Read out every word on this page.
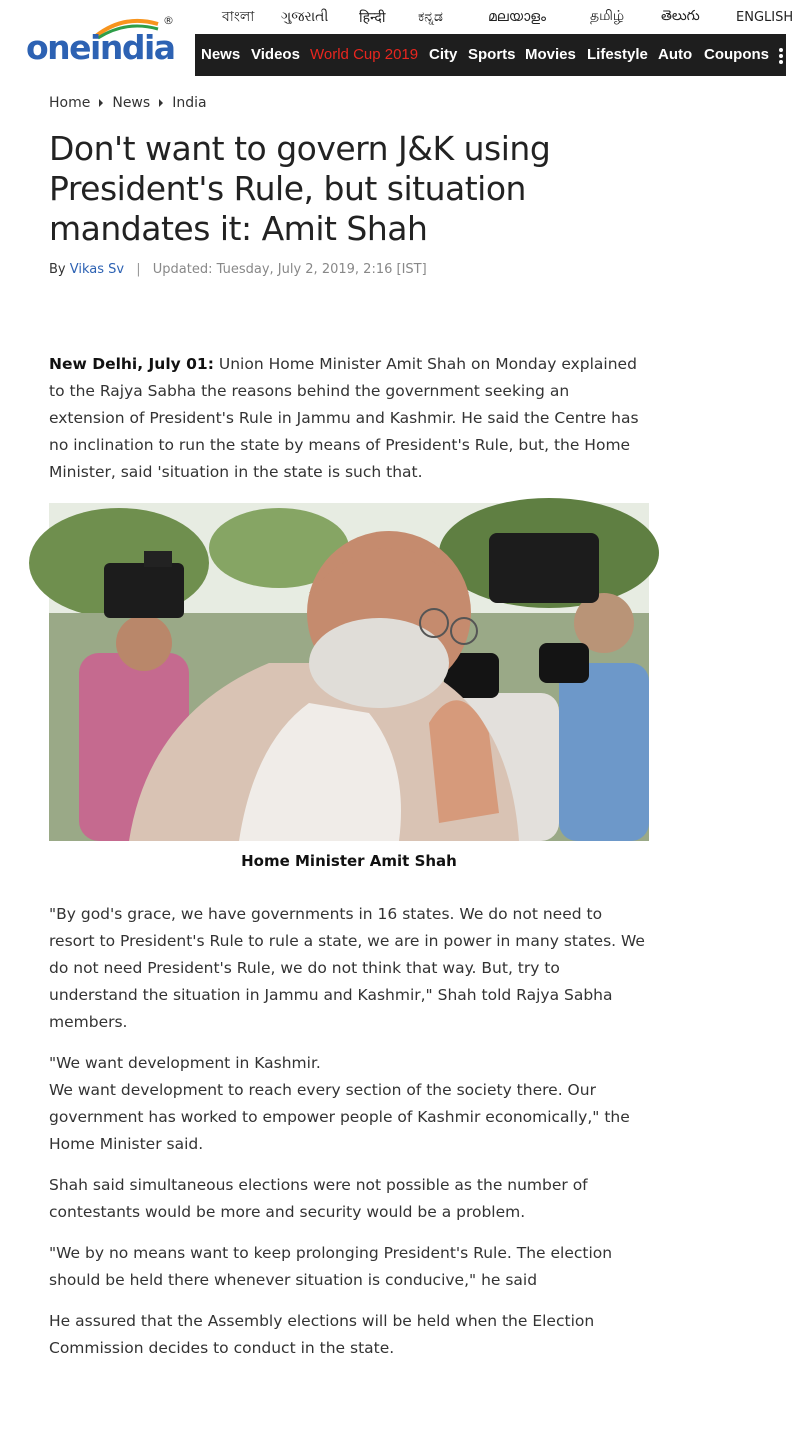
oneindia
®	বাংলা ગુજરાતી हिन्दी ಕನ್ನಡ	മലയാളം	தமிழ்	తెలుగు	ENGLISH
News Videos World Cup 2019 City Sports Movies Lifestyle Auto Coupons
Home News India
Don't want to govern J&K using President's Rule, but situation mandates it: Amit Shah
By Vikas Sv | Updated: Tuesday, July 2, 2019, 2:16 [IST]

New Delhi, July 01: Union Home Minister Amit Shah on Monday explained to the Rajya Sabha the reasons behind the government seeking an extension of President's Rule in Jammu and Kashmir. He said the Centre has no inclination to run the state by means of President's Rule, but, the Home Minister, said 'situation in the state is such that.

Home Minister Amit Shah

"By god's grace, we have governments in 16 states. We do not need to resort to President's Rule to rule a state, we are in power in many states. We do not need President's Rule, we do not think that way. But, try to understand the situation in Jammu and Kashmir," Shah told Rajya Sabha members.

"We want development in Kashmir.
We want development to reach every section of the society there. Our government has worked to empower people of Kashmir economically," the Home Minister said.

Shah said simultaneous elections were not possible as the number of contestants would be more and security would be a problem.

"We by no means want to keep prolonging President's Rule. The election should be held there whenever situation is conducive," he said

He assured that the Assembly elections will be held when the Election Commission decides to conduct in the state.
